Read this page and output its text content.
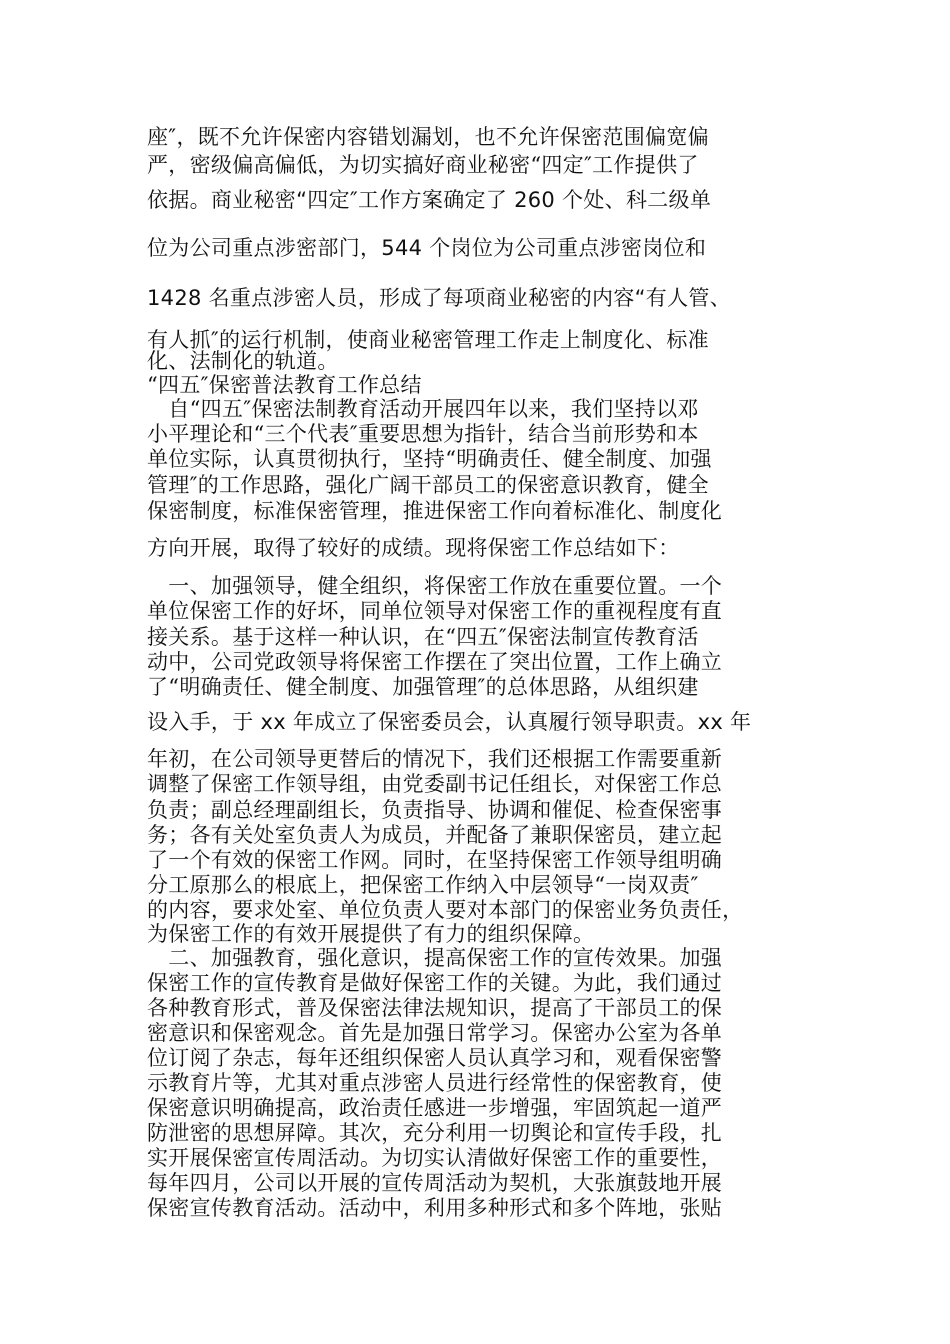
座″，既不允许保密内容错划漏划，也不允许保密范围偏宽偏
严，密级偏高偏低，为切实搞好商业秘密“四定″工作提供了
依据。商业秘密“四定″工作方案确定了 260 个处、科二级单
位为公司重点涉密部门，544 个岗位为公司重点涉密岗位和
1428 名重点涉密人员，形成了每项商业秘密的内容“有人管、
有人抓″的运行机制，使商业秘密管理工作走上制度化、标准
化、法制化的轨道。
“四五″保密普法教育工作总结
　自“四五″保密法制教育活动开展四年以来，我们坚持以邓
小平理论和“三个代表″重要思想为指针，结合当前形势和本
单位实际，认真贯彻执行，坚持“明确责任、健全制度、加强
管理″的工作思路，强化广阔干部员工的保密意识教育，健全
保密制度，标准保密管理，推进保密工作向着标准化、制度化
方向开展，取得了较好的成绩。现将保密工作总结如下：
　一、加强领导，健全组织，将保密工作放在重要位置。一个
单位保密工作的好坏，同单位领导对保密工作的重视程度有直
接关系。基于这样一种认识，在“四五″保密法制宣传教育活
动中，公司党政领导将保密工作摆在了突出位置，工作上确立
了“明确责任、健全制度、加强管理″的总体思路，从组织建
设入手，于 xx 年成立了保密委员会，认真履行领导职责。xx 年
年初，在公司领导更替后的情况下，我们还根据工作需要重新
调整了保密工作领导组，由党委副书记任组长，对保密工作总
负责；副总经理副组长，负责指导、协调和催促、检查保密事
务；各有关处室负责人为成员，并配备了兼职保密员，建立起
了一个有效的保密工作网。同时，在坚持保密工作领导组明确
分工原那么的根底上，把保密工作纳入中层领导“一岗双责″
的内容，要求处室、单位负责人要对本部门的保密业务负责任，
为保密工作的有效开展提供了有力的组织保障。
　二、加强教育，强化意识，提高保密工作的宣传效果。加强
保密工作的宣传教育是做好保密工作的关键。为此，我们通过
各种教育形式，普及保密法律法规知识，提高了干部员工的保
密意识和保密观念。首先是加强日常学习。保密办公室为各单
位订阅了杂志，每年还组织保密人员认真学习和，观看保密警
示教育片等，尤其对重点涉密人员进行经常性的保密教育，使
保密意识明确提高，政治责任感进一步增强，牢固筑起一道严
防泄密的思想屏障。其次，充分利用一切舆论和宣传手段，扎
实开展保密宣传周活动。为切实认清做好保密工作的重要性，
每年四月，公司以开展的宣传周活动为契机，大张旗鼓地开展
保密宣传教育活动。活动中，利用多种形式和多个阵地，张贴
